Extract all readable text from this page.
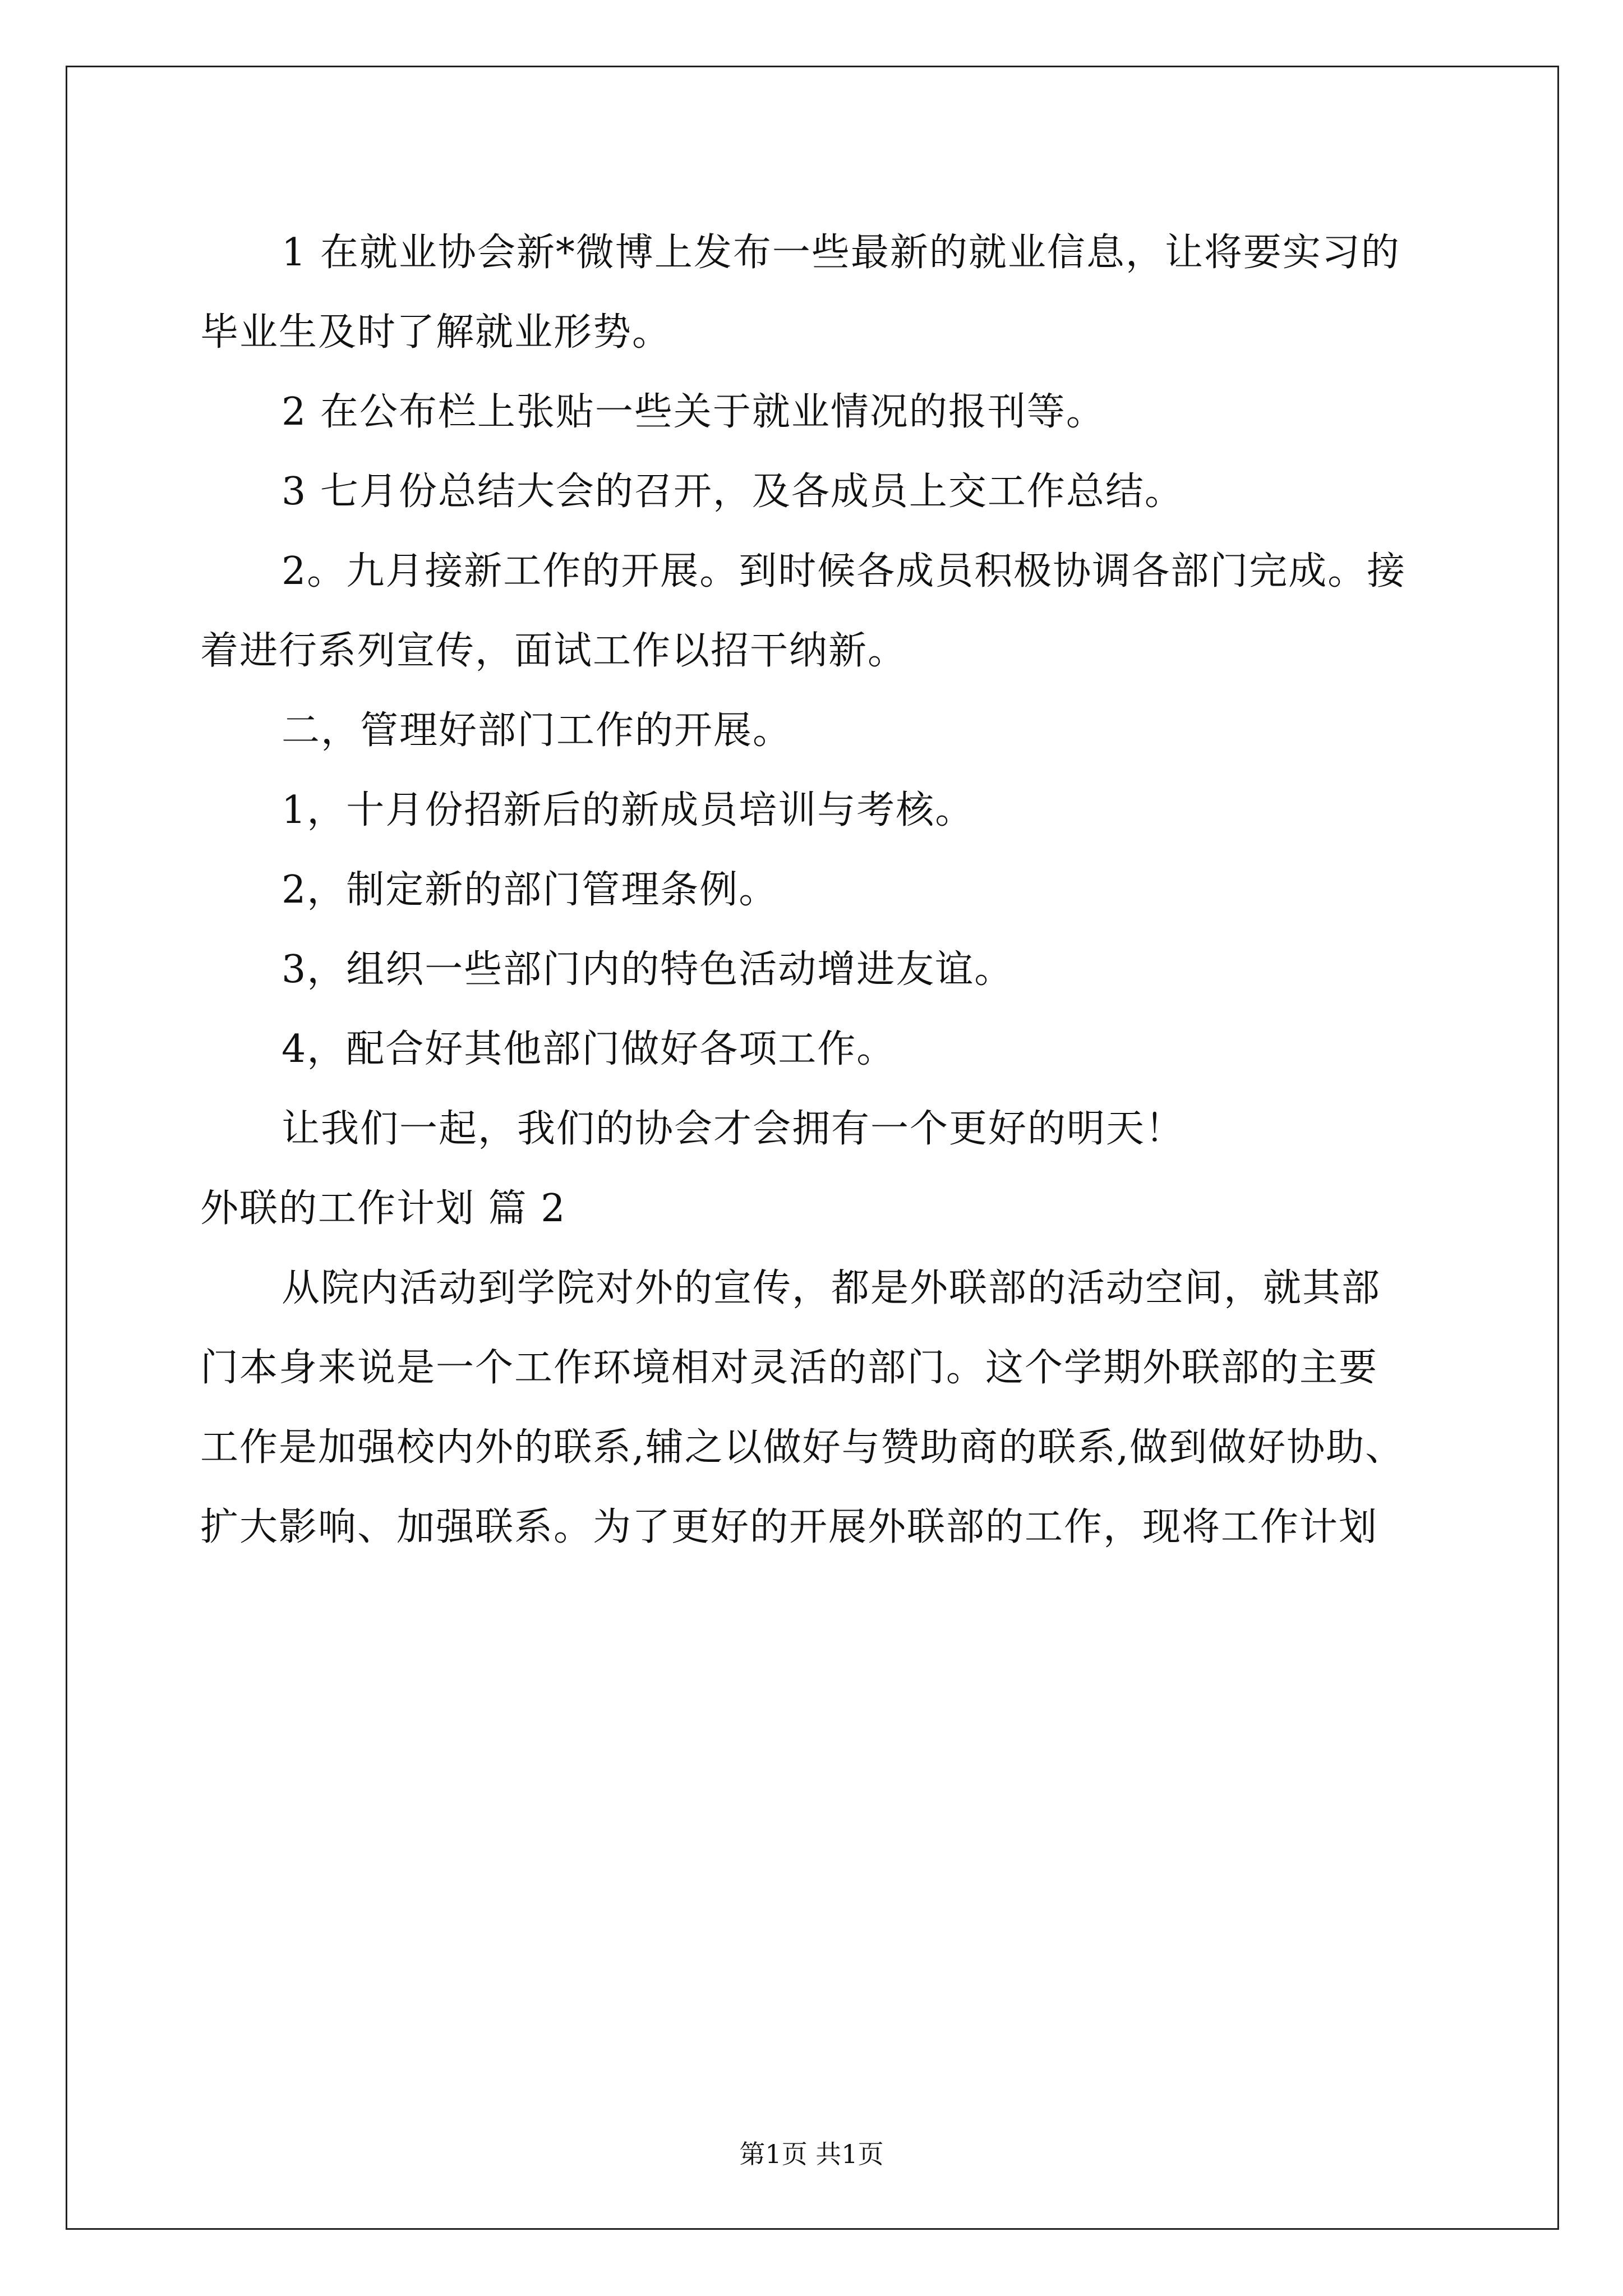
1 在就业协会新*微博上发布一些最新的就业信息，让将要实习的
毕业生及时了解就业形势。
2 在公布栏上张贴一些关于就业情况的报刊等。
3 七月份总结大会的召开，及各成员上交工作总结。
2。九月接新工作的开展。到时候各成员积极协调各部门完成。接
着进行系列宣传，面试工作以招干纳新。
二，管理好部门工作的开展。
1，十月份招新后的新成员培训与考核。
2，制定新的部门管理条例。
3，组织一些部门内的特色活动增进友谊。
4，配合好其他部门做好各项工作。
让我们一起，我们的协会才会拥有一个更好的明天！
外联的工作计划 篇 2
从院内活动到学院对外的宣传，都是外联部的活动空间，就其部
门本身来说是一个工作环境相对灵活的部门。这个学期外联部的主要
工作是加强校内外的联系,辅之以做好与赞助商的联系,做到做好协助、
扩大影响、加强联系。为了更好的开展外联部的工作，现将工作计划
第1页 共1页
